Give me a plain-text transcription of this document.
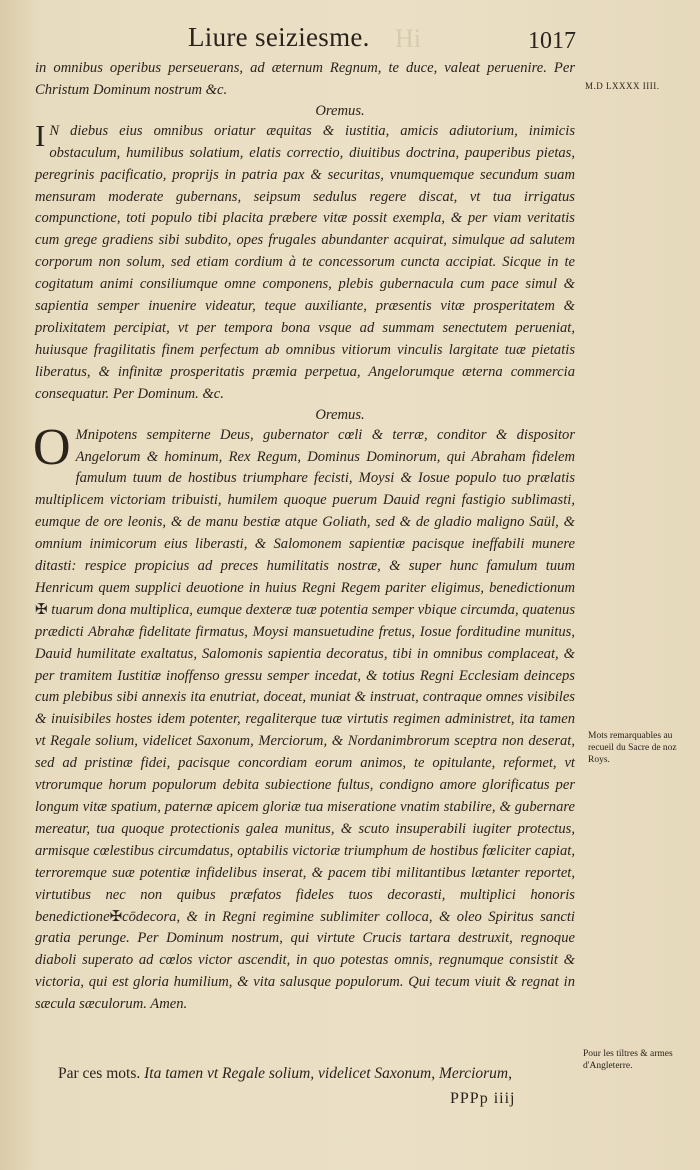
Liure seiziesme. Hi	1017
M.D LXXXX IIII.

in omnibus operibus perseuerans, ad æternum Regnum, te duce, valeat peruenire. Per Christum Dominum nostrum &c.

Oremus.

I N diebus eius omnibus oriatur æquitas & iustitia, amicis adiutorium, inimicis obstaculum, humilibus solatium, elatis correctio, diuitibus doctrina, pauperibus pietas, peregrinis pacificatio, proprijs in patria pax & securitas, vnumquemque secundum suam mensuram moderate gubernans, seipsum sedulus regere discat, vt tua irrigatus compunctione, toti populo tibi placita præbere vitæ possit exempla, & per viam veritatis cum grege gradiens sibi subdito, opes frugales abundanter acquirat, simulque ad salutem corporum non solum, sed etiam cordium à te concessorum cuncta accipiat. Sicque in te cogitatum animi consiliumque omne componens, plebis gubernacula cum pace simul & sapientia semper inuenire videatur, teque auxiliante, præsentis vitæ prosperitatem & prolixitatem percipiat, vt per tempora bona vsque ad summam senectutem perueniat, huiusque fragilitatis finem perfectum ab omnibus vitiorum vinculis largitate tuæ pietatis liberatus, & infinitæ prosperitatis præmia perpetua, Angelorumque æterna commercia consequatur. Per Dominum. &c.

Oremus.

O Mnipotens sempiterne Deus, gubernator cœli & terræ, conditor & dispositor Angelorum & hominum, Rex Regum, Dominus Dominorum, qui Abraham fidelem famulum tuum de hostibus triumphare fecisti, Moysi & Iosue populo tuo prælatis multiplicem victoriam tribuisti, humilem quoque puerum Dauid regni fastigio sublimasti, eumque de ore leonis, & de manu bestiæ atque Goliath, sed & de gladio maligno Saül, & omnium inimicorum eius liberasti, & Salomonem sapientiæ pacisque ineffabili munere ditasti: respice propicius ad preces humilitatis nostræ, & super hunc famulum tuum Henricum quem supplici deuotione in huius Regni Regem pariter eligimus, benedictionum ✠ tuarum dona multiplica, eumque dexteræ tuæ potentia semper vbique circumda, quatenus prædicti Abrahæ fidelitate firmatus, Moysi mansuetudine fretus, Iosue forditudine munitus, Dauid humilitate exaltatus, Salomonis sapientia decoratus, tibi in omnibus complaceat, & per tramitem Iustitiæ inoffenso gressu semper incedat, & totius Regni Ecclesiam deinceps cum plebibus sibi annexis ita enutriat, doceat, muniat & instruat, contraque omnes visibiles & inuisibiles hostes idem potenter, regaliterque tuæ virtutis regimen administret, ita tamen vt Regale solium, videlicet Saxonum, Merciorum, & Nordanimbrorum sceptra non deserat, sed ad pristinæ fidei, pacisque concordiam eorum animos, te opitulante, reformet, vt vtrorumque horum populorum debita subiectione fultus, condigno amore glorificatus per longum vitæ spatium, paternæ apicem gloriæ tua miseratione vnatim stabilire, & gubernare mereatur, tua quoque protectionis galea munitus, & scuto insuperabili iugiter protectus, armisque cœlestibus circumdatus, optabilis victoriæ triumphum de hostibus fœliciter capiat, terroremque suæ potentiæ infidelibus inserat, & pacem tibi militantibus lætanter reportet, virtutibus nec non quibus præfatos fideles tuos decorasti, multiplici honoris benedictione✠cōdecora, & in Regni regimine sublimiter colloca, & oleo Spiritus sancti gratia perunge. Per Dominum nostrum, qui virtute Crucis tartara destruxit, regnoque diaboli superato ad cœlos victor ascendit, in quo potestas omnis, regnumque consistit & victoria, qui est gloria humilium, & vita salusque populorum. Qui tecum viuit & regnat in sæcula sæculorum. Amen.

Mots remarquables au recueil du Sacre de noz Roys.
Pour les tiltres & armes d'Angleterre.
Par ces mots. Ita tamen vt Regale solium, videlicet Saxonum, Merciorum,
PPPp iiij
